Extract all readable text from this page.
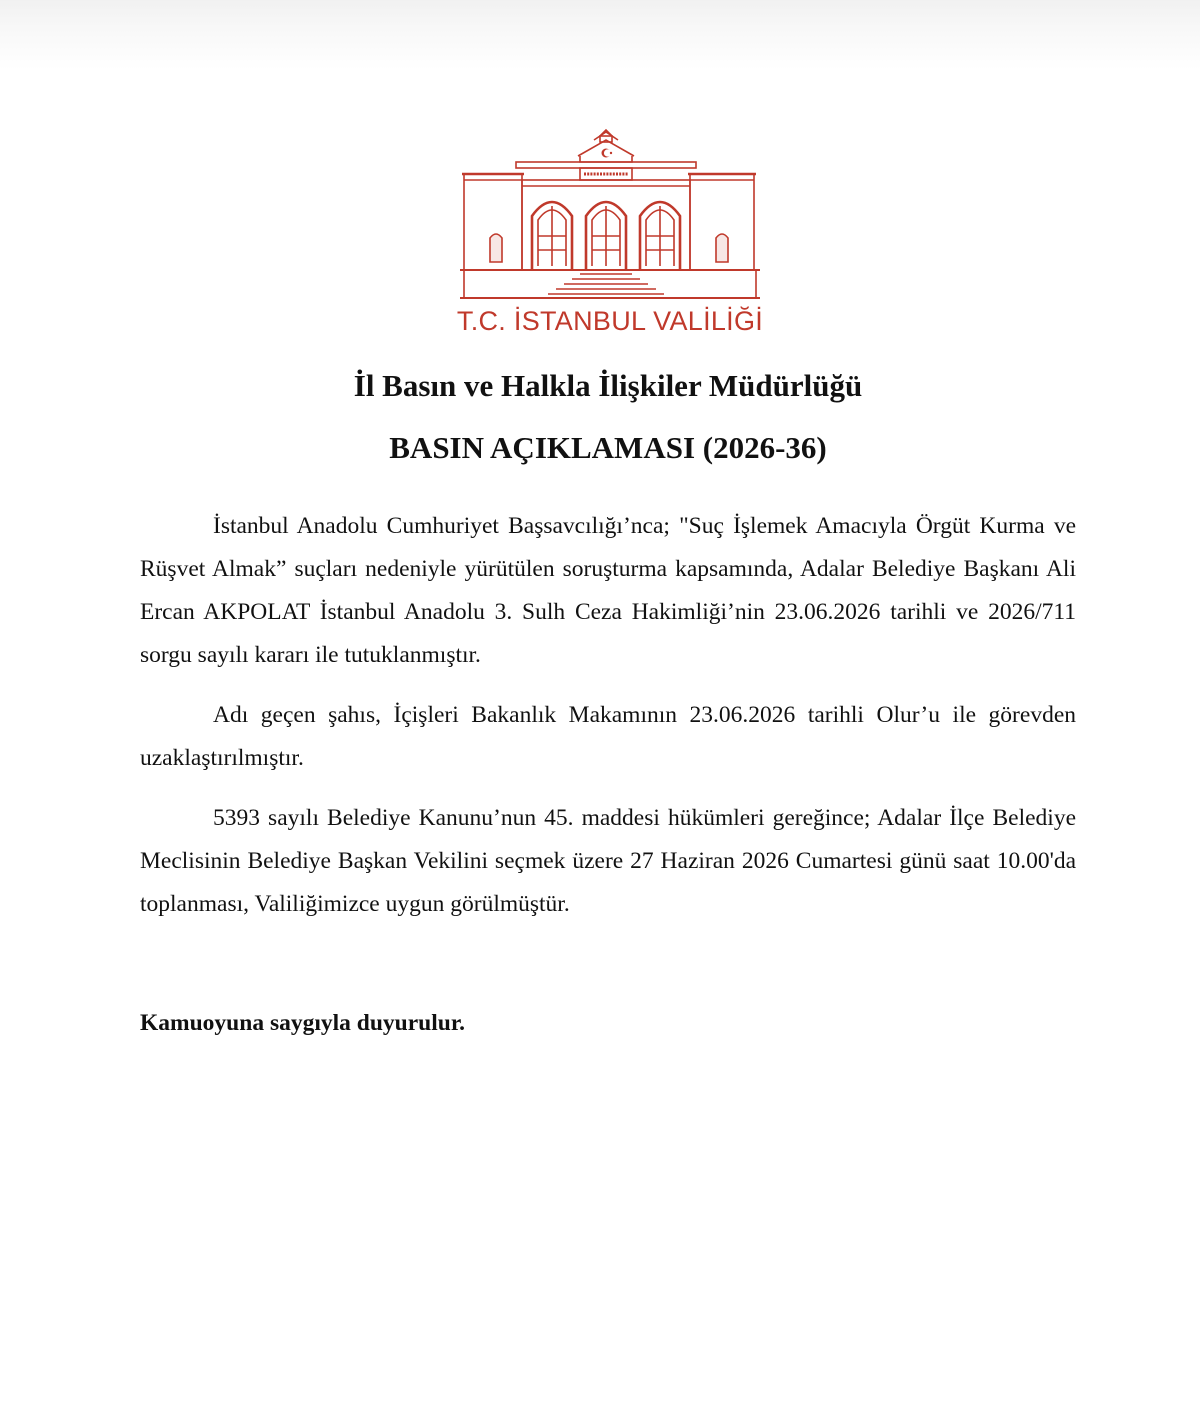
T.C. İSTANBUL VALİLİĞİ
İl Basın ve Halkla İlişkiler Müdürlüğü
BASIN AÇIKLAMASI (2026-36)

İstanbul Anadolu Cumhuriyet Başsavcılığı’nca; "Suç İşlemek Amacıyla Örgüt Kurma ve Rüşvet Almak” suçları nedeniyle yürütülen soruşturma kapsamında, Adalar Belediye Başkanı Ali Ercan AKPOLAT İstanbul Anadolu 3. Sulh Ceza Hakimliği’nin 23.06.2026 tarihli ve 2026/711 sorgu sayılı kararı ile tutuklanmıştır.

Adı geçen şahıs, İçişleri Bakanlık Makamının 23.06.2026 tarihli Olur’u ile görevden uzaklaştırılmıştır.

5393 sayılı Belediye Kanunu’nun 45. maddesi hükümleri gereğince; Adalar İlçe Belediye Meclisinin Belediye Başkan Vekilini seçmek üzere 27 Haziran 2026 Cumartesi günü saat 10.00'da toplanması, Valiliğimizce uygun görülmüştür.

Kamuoyuna saygıyla duyurulur.
